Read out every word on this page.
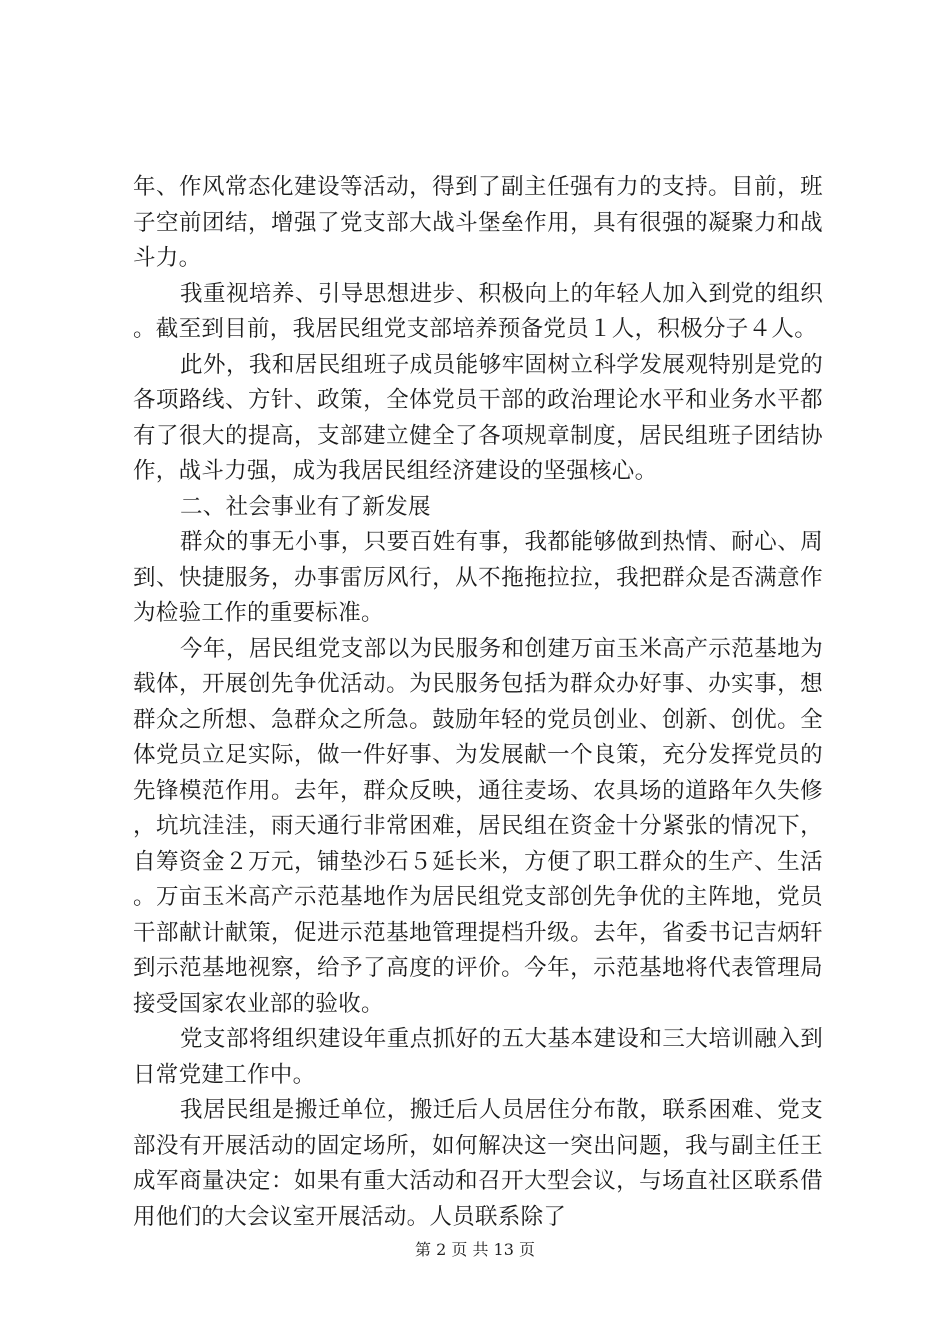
年、作风常态化建设等活动，得到了副主任强有力的支持。目前，班子空前团结，增强了党支部大战斗堡垒作用，具有很强的凝聚力和战斗力。

我重视培养、引导思想进步、积极向上的年轻人加入到党的组织。截至到目前，我居民组党支部培养预备党员１人，积极分子４人。

此外，我和居民组班子成员能够牢固树立科学发展观特别是党的各项路线、方针、政策，全体党员干部的政治理论水平和业务水平都有了很大的提高，支部建立健全了各项规章制度，居民组班子团结协作，战斗力强，成为我居民组经济建设的坚强核心。

二、社会事业有了新发展

群众的事无小事，只要百姓有事，我都能够做到热情、耐心、周到、快捷服务，办事雷厉风行，从不拖拖拉拉，我把群众是否满意作为检验工作的重要标准。

今年，居民组党支部以为民服务和创建万亩玉米高产示范基地为载体，开展创先争优活动。为民服务包括为群众办好事、办实事，想群众之所想、急群众之所急。鼓励年轻的党员创业、创新、创优。全体党员立足实际，做一件好事、为发展献一个良策，充分发挥党员的先锋模范作用。去年，群众反映，通往麦场、农具场的道路年久失修，坑坑洼洼，雨天通行非常困难，居民组在资金十分紧张的情况下，自筹资金２万元，铺垫沙石５延长米，方便了职工群众的生产、生活。万亩玉米高产示范基地作为居民组党支部创先争优的主阵地，党员干部献计献策，促进示范基地管理提档升级。去年，省委书记吉炳轩到示范基地视察，给予了高度的评价。今年，示范基地将代表管理局接受国家农业部的验收。

党支部将组织建设年重点抓好的五大基本建设和三大培训融入到日常党建工作中。

我居民组是搬迁单位，搬迁后人员居住分布散，联系困难、党支部没有开展活动的固定场所，如何解决这一突出问题，我与副主任王成军商量决定：如果有重大活动和召开大型会议，与场直社区联系借用他们的大会议室开展活动。人员联系除了

第 2 页 共 13 页
